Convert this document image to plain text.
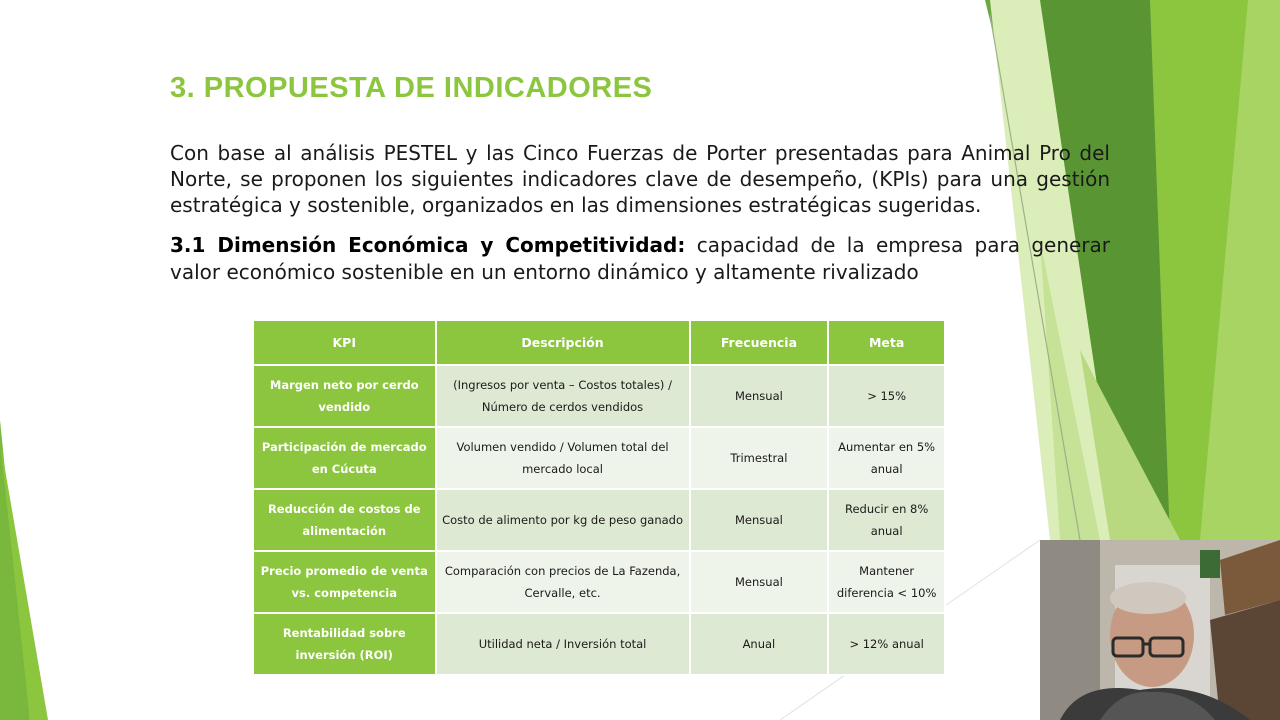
3. PROPUESTA DE INDICADORES
Con base al análisis PESTEL y las Cinco Fuerzas de Porter presentadas para Animal Pro del Norte, se proponen los siguientes indicadores clave de desempeño, (KPIs) para una gestión estratégica y sostenible, organizados en las dimensiones estratégicas sugeridas.
3.1 Dimensión Económica y Competitividad: capacidad de la empresa para generar valor económico sostenible en un entorno dinámico y altamente rivalizado
KPI	Descripción	Frecuencia	Meta
Margen neto por cerdo vendido	(Ingresos por venta – Costos totales) / Número de cerdos vendidos	Mensual	> 15%
Participación de mercado en Cúcuta	Volumen vendido / Volumen total del mercado local	Trimestral	Aumentar en 5% anual
Reducción de costos de alimentación	Costo de alimento por kg de peso ganado	Mensual	Reducir en 8% anual
Precio promedio de venta vs. competencia	Comparación con precios de La Fazenda, Cervalle, etc.	Mensual	Mantener diferencia < 10%
Rentabilidad sobre inversión (ROI)	Utilidad neta / Inversión total	Anual	> 12% anual
